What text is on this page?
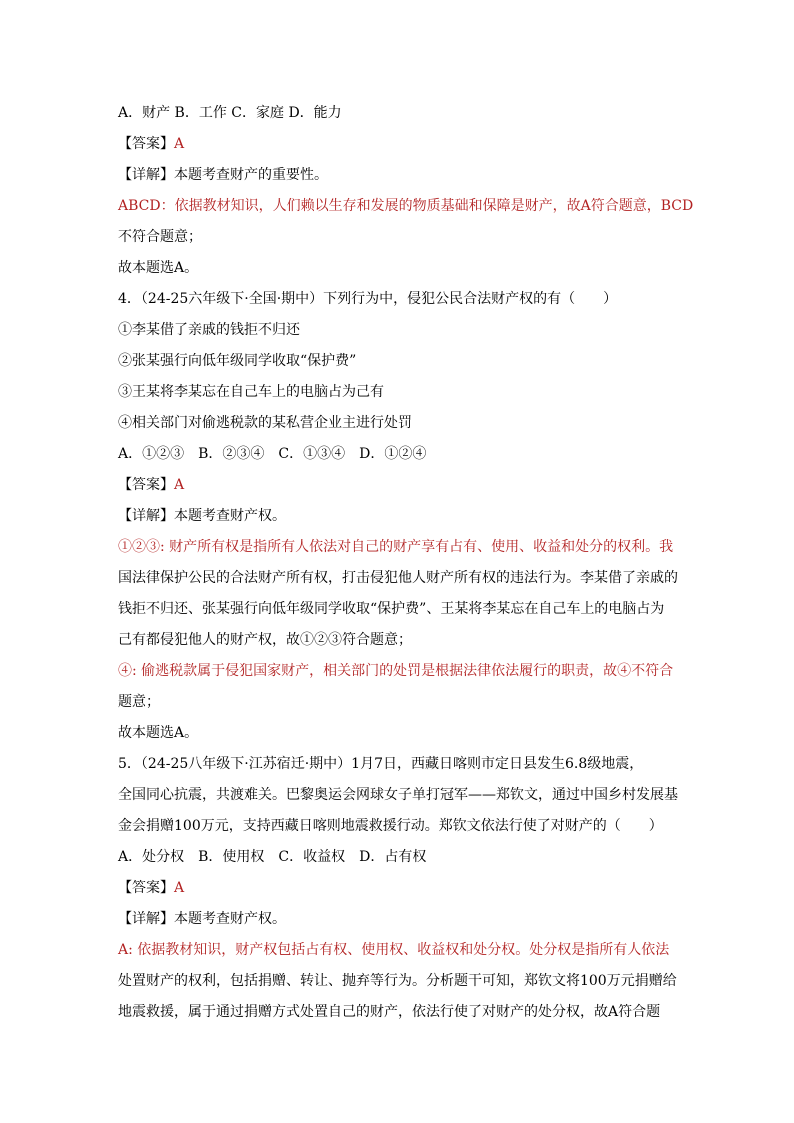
A．财产 B．工作 C．家庭 D．能力
【答案】A
【详解】本题考查财产的重要性。
ABCD：依据教材知识，人们赖以生存和发展的物质基础和保障是财产，故A符合题意，BCD
不符合题意；
故本题选A。
4．（24-25六年级下·全国·期中）下列行为中，侵犯公民合法财产权的有（　　）
①李某借了亲戚的钱拒不归还
②张某强行向低年级同学收取“保护费”
③王某将李某忘在自己车上的电脑占为己有
④相关部门对偷逃税款的某私营企业主进行处罚
A．①②③　B．②③④　C．①③④　D．①②④
【答案】A
【详解】本题考查财产权。
①②③: 财产所有权是指所有人依法对自己的财产享有占有、使用、收益和处分的权利。我
国法律保护公民的合法财产所有权，打击侵犯他人财产所有权的违法行为。李某借了亲戚的
钱拒不归还、张某强行向低年级同学收取“保护费”、王某将李某忘在自己车上的电脑占为
己有都侵犯他人的财产权，故①②③符合题意；
④: 偷逃税款属于侵犯国家财产，相关部门的处罚是根据法律依法履行的职责，故④不符合
题意；
故本题选A。
5．（24-25八年级下·江苏宿迁·期中）1月7日，西藏日喀则市定日县发生6.8级地震，
全国同心抗震，共渡难关。巴黎奥运会网球女子单打冠军——郑钦文，通过中国乡村发展基
金会捐赠100万元，支持西藏日喀则地震救援行动。郑钦文依法行使了对财产的（　　）
A．处分权　B．使用权　C．收益权　D．占有权
【答案】A
【详解】本题考查财产权。
A: 依据教材知识，财产权包括占有权、使用权、收益权和处分权。处分权是指所有人依法
处置财产的权利，包括捐赠、转让、抛弃等行为。分析题干可知，郑钦文将100万元捐赠给
地震救援，属于通过捐赠方式处置自己的财产，依法行使了对财产的处分权，故A符合题
